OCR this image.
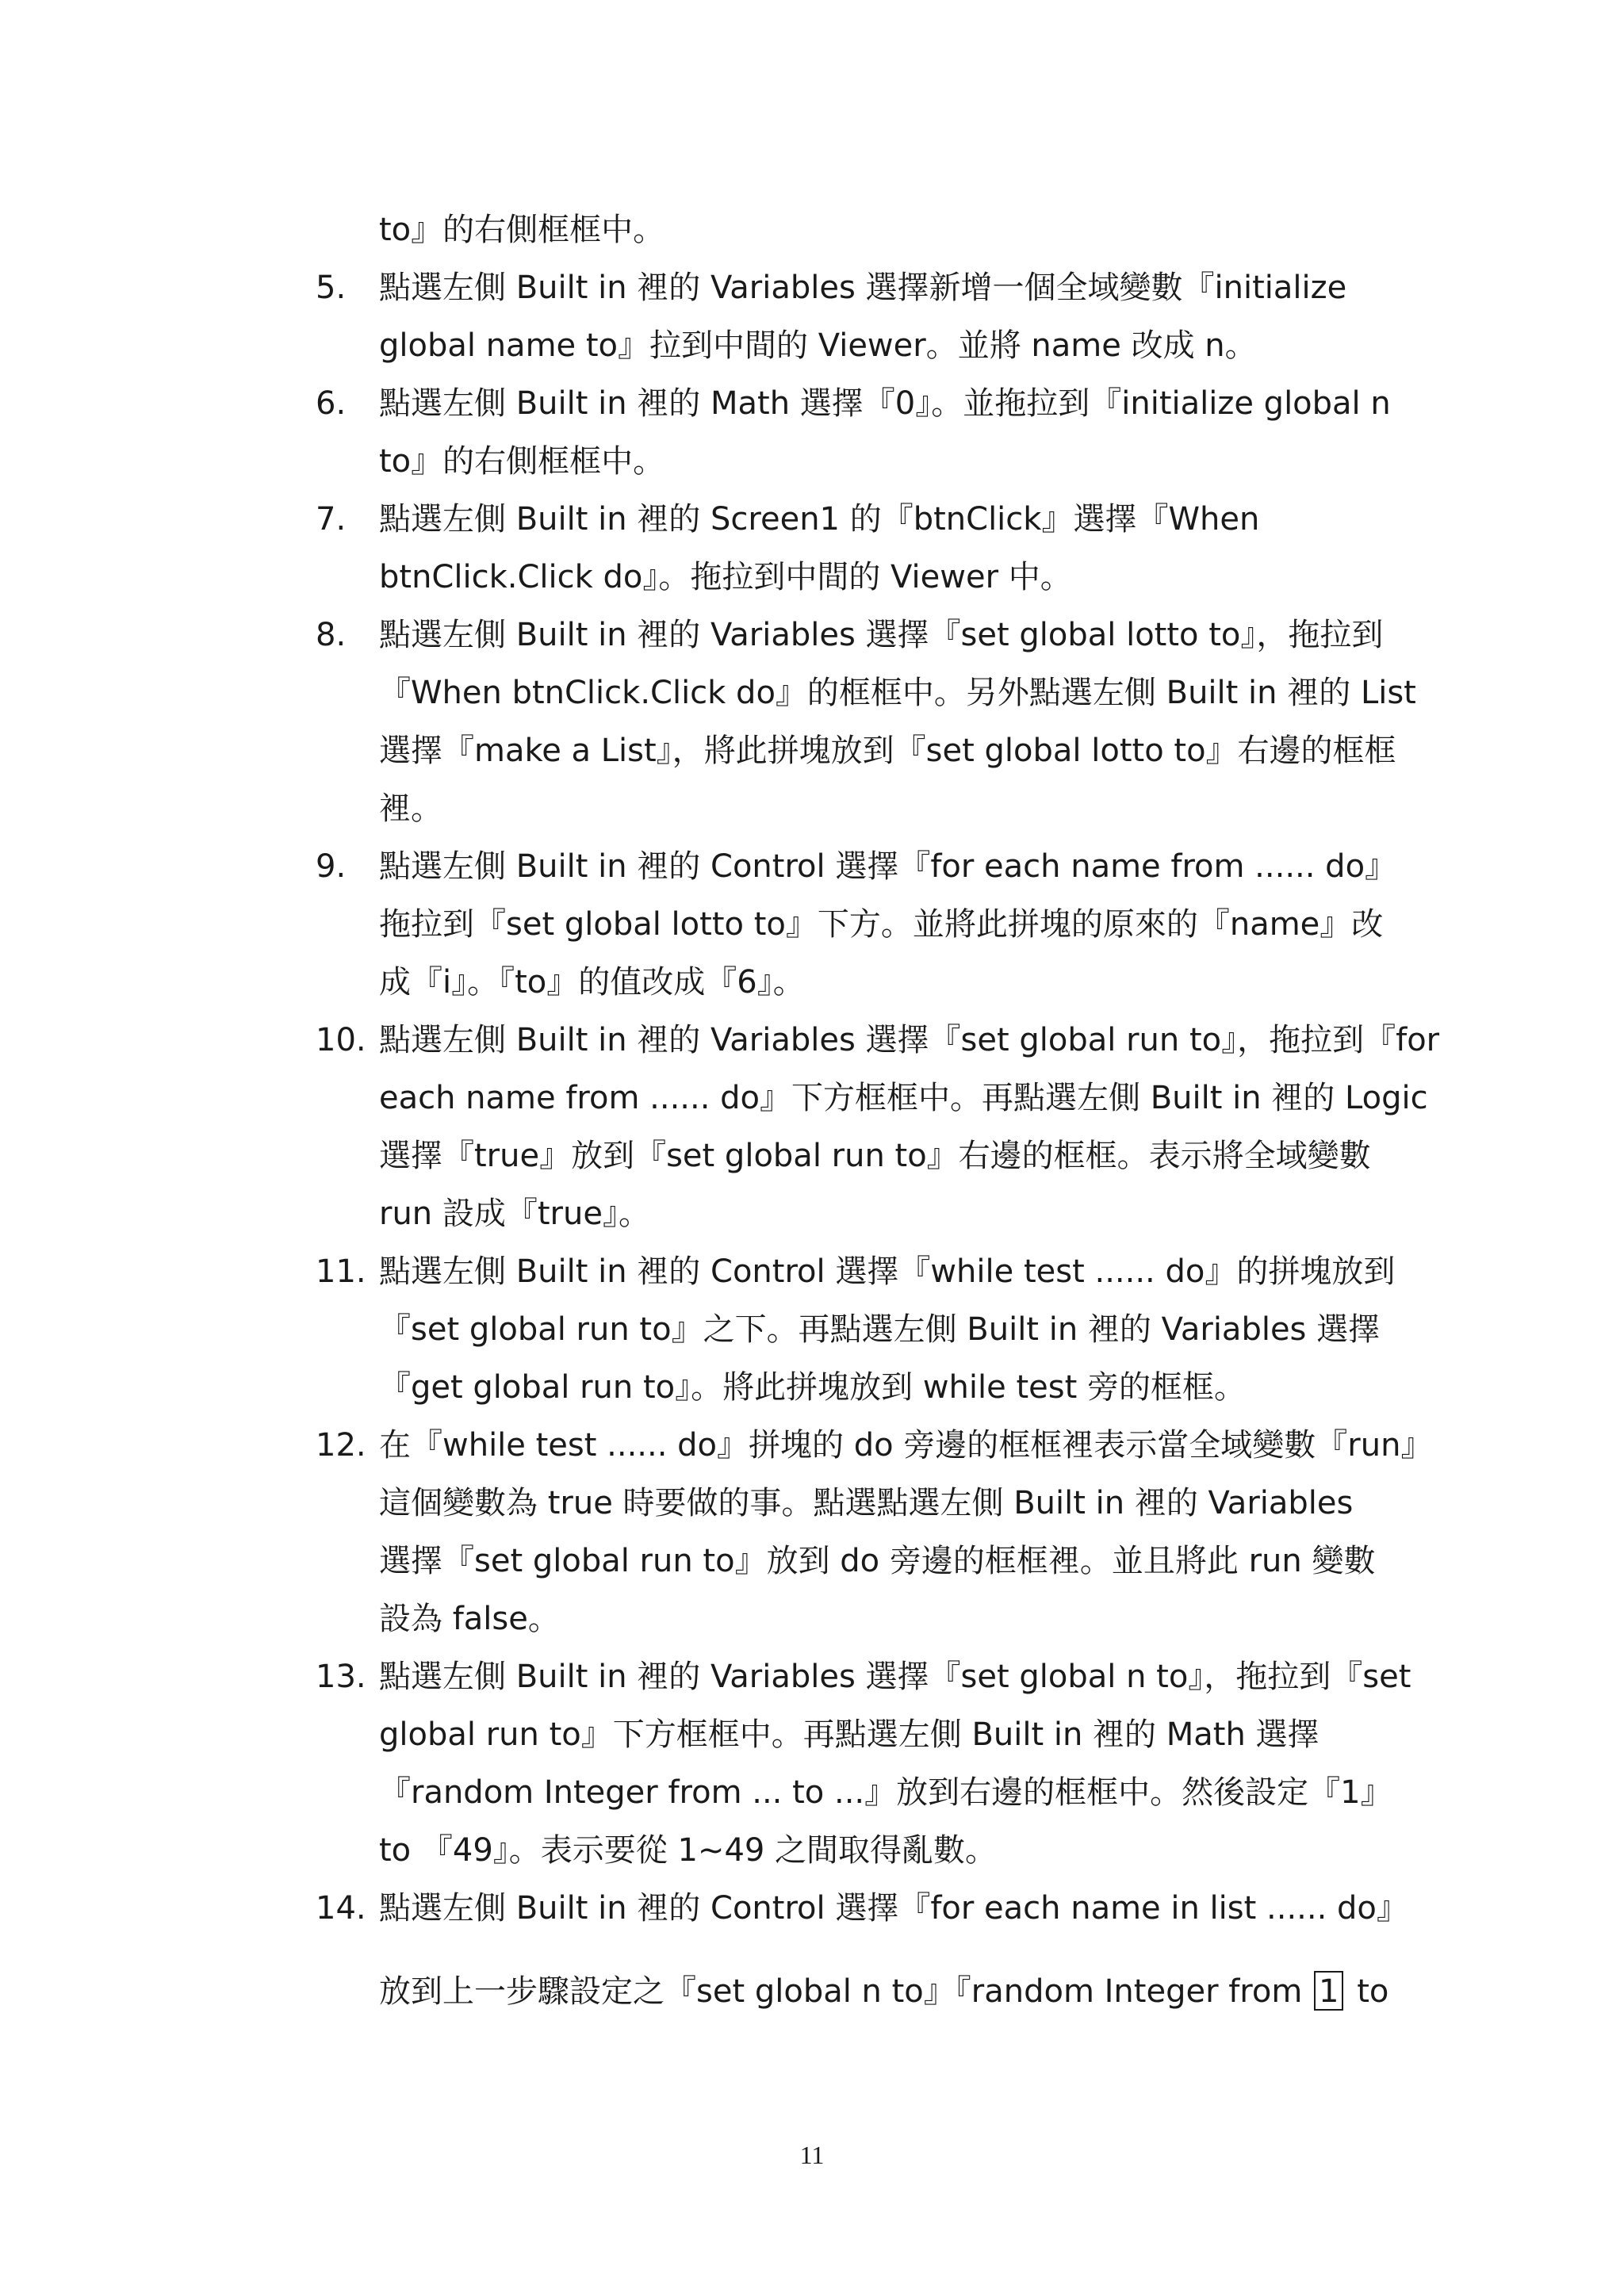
to』的右側框框中。
5.	點選左側 Built in 裡的 Variables 選擇新增一個全域變數『initialize
global name to』拉到中間的 Viewer。並將 name 改成 n。
6.	點選左側 Built in 裡的 Math 選擇『0』。並拖拉到『initialize global n
to』的右側框框中。
7.	點選左側 Built in 裡的 Screen1 的『btnClick』選擇『When
btnClick.Click do』。拖拉到中間的 Viewer 中。
8.	點選左側 Built in 裡的 Variables 選擇『set global lotto to』，拖拉到
『When btnClick.Click do』的框框中。另外點選左側 Built in 裡的 List
選擇『make a List』，將此拼塊放到『set global lotto to』右邊的框框
裡。
9.	點選左側 Built in 裡的 Control 選擇『for each name from ...... do』
拖拉到『set global lotto to』下方。並將此拼塊的原來的『name』改
成『i』。『to』的值改成『6』。
10. 點選左側 Built in 裡的 Variables 選擇『set global run to』，拖拉到『for
each name from ...... do』下方框框中。再點選左側 Built in 裡的 Logic
選擇『true』放到『set global run to』右邊的框框。表示將全域變數
run 設成『true』。
11. 點選左側 Built in 裡的 Control 選擇『while test ...... do』的拼塊放到
『set global run to』之下。再點選左側 Built in 裡的 Variables 選擇
『get global run to』。將此拼塊放到 while test 旁的框框。
12. 在『while test ...... do』拼塊的 do 旁邊的框框裡表示當全域變數『run』
這個變數為 true 時要做的事。點選點選左側 Built in 裡的 Variables
選擇『set global run to』放到 do 旁邊的框框裡。並且將此 run 變數
設為 false。
13. 點選左側 Built in 裡的 Variables 選擇『set global n to』，拖拉到『set
global run to』下方框框中。再點選左側 Built in 裡的 Math 選擇
『random Integer from ... to ...』放到右邊的框框中。然後設定『1』
to 『49』。表示要從 1~49 之間取得亂數。
14. 點選左側 Built in 裡的 Control 選擇『for each name in list ...... do』
放到上一步驟設定之『set global n to』『random Integer from 1 to
11
